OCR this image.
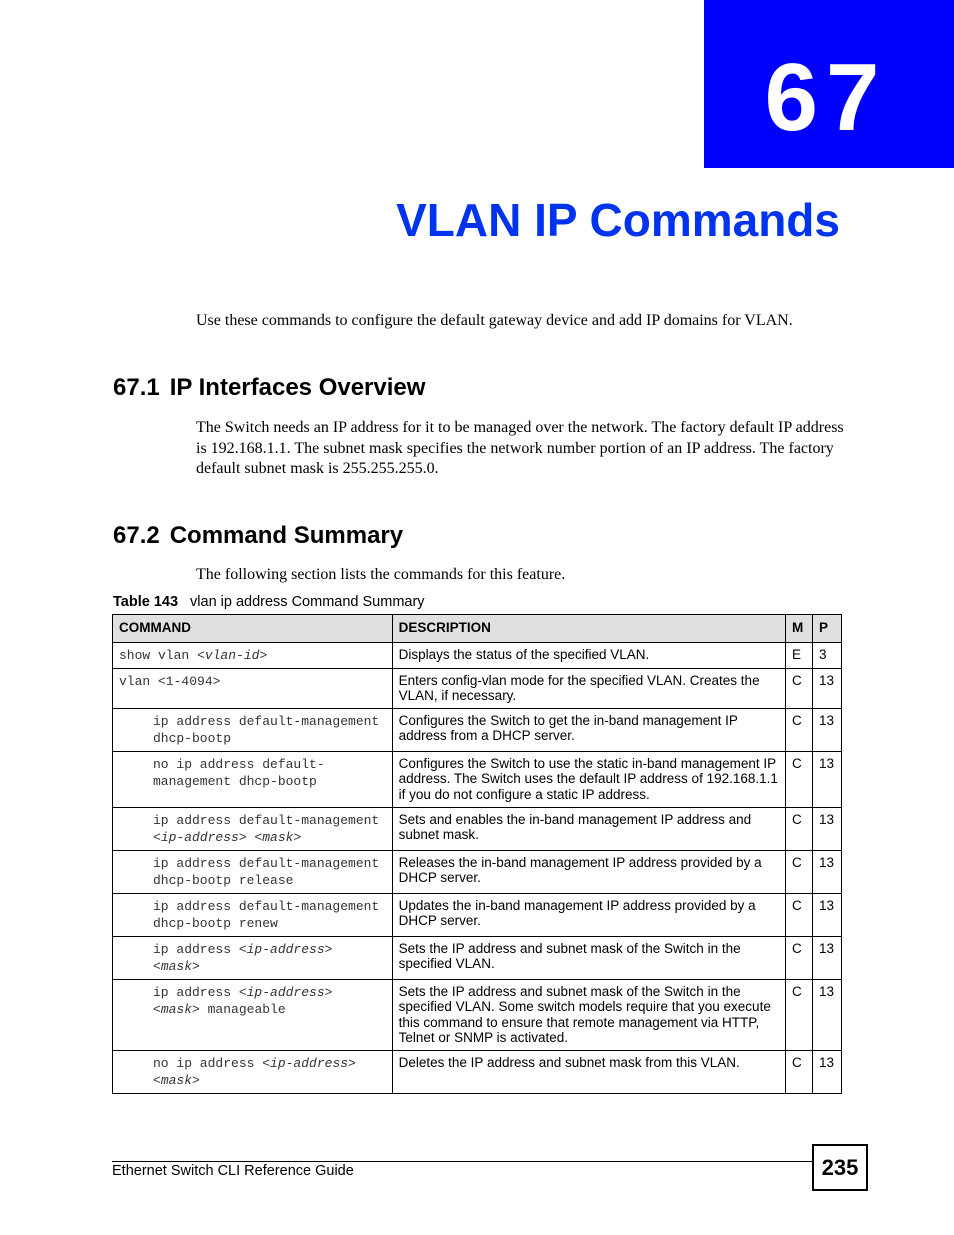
67
VLAN IP Commands

Use these commands to configure the default gateway device and add IP domains for VLAN.

67.1 IP Interfaces Overview

The Switch needs an IP address for it to be managed over the network. The factory default IP address is 192.168.1.1. The subnet mask specifies the network number portion of an IP address. The factory default subnet mask is 255.255.255.0.

67.2 Command Summary

The following section lists the commands for this feature.

Table 143 vlan ip address Command Summary

COMMAND	DESCRIPTION	M	P
show vlan <vlan-id>	Displays the status of the specified VLAN.	E	3
vlan <1-4094>	Enters config-vlan mode for the specified VLAN. Creates the VLAN, if necessary.	C	13
ip address default-management dhcp-bootp	Configures the Switch to get the in-band management IP address from a DHCP server.	C	13
no ip address default-management dhcp-bootp	Configures the Switch to use the static in-band management IP address. The Switch uses the default IP address of 192.168.1.1 if you do not configure a static IP address.	C	13
ip address default-management <ip-address> <mask>	Sets and enables the in-band management IP address and subnet mask.	C	13
ip address default-management dhcp-bootp release	Releases the in-band management IP address provided by a DHCP server.	C	13
ip address default-management dhcp-bootp renew	Updates the in-band management IP address provided by a DHCP server.	C	13
ip address <ip-address> <mask>	Sets the IP address and subnet mask of the Switch in the specified VLAN.	C	13
ip address <ip-address> <mask> manageable	Sets the IP address and subnet mask of the Switch in the specified VLAN. Some switch models require that you execute this command to ensure that remote management via HTTP, Telnet or SNMP is activated.	C	13
no ip address <ip-address> <mask>	Deletes the IP address and subnet mask from this VLAN.	C	13
Ethernet Switch CLI Reference Guide	235
